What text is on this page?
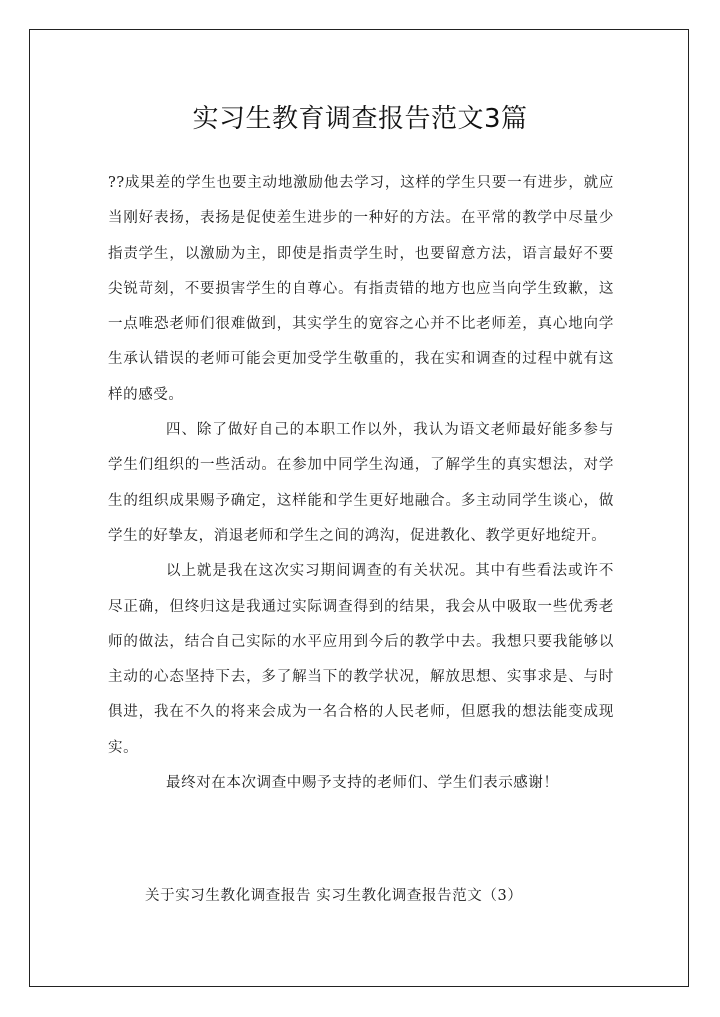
实习生教育调查报告范文3篇

??成果差的学生也要主动地激励他去学习，这样的学生只要一有进步，就应当刚好表扬，表扬是促使差生进步的一种好的方法。在平常的教学中尽量少指责学生，以激励为主，即使是指责学生时，也要留意方法，语言最好不要尖锐苛刻，不要损害学生的自尊心。有指责错的地方也应当向学生致歉，这一点唯恐老师们很难做到，其实学生的宽容之心并不比老师差，真心地向学生承认错误的老师可能会更加受学生敬重的，我在实和调查的过程中就有这样的感受。

四、除了做好自己的本职工作以外，我认为语文老师最好能多参与学生们组织的一些活动。在参加中同学生沟通，了解学生的真实想法，对学生的组织成果赐予确定，这样能和学生更好地融合。多主动同学生谈心，做学生的好挚友，消退老师和学生之间的鸿沟，促进教化、教学更好地绽开。

以上就是我在这次实习期间调查的有关状况。其中有些看法或许不尽正确，但终归这是我通过实际调查得到的结果，我会从中吸取一些优秀老师的做法，结合自己实际的水平应用到今后的教学中去。我想只要我能够以主动的心态坚持下去，多了解当下的教学状况，解放思想、实事求是、与时俱进，我在不久的将来会成为一名合格的人民老师，但愿我的想法能变成现实。

最终对在本次调查中赐予支持的老师们、学生们表示感谢！

关于实习生教化调查报告 实习生教化调查报告范文（3）
